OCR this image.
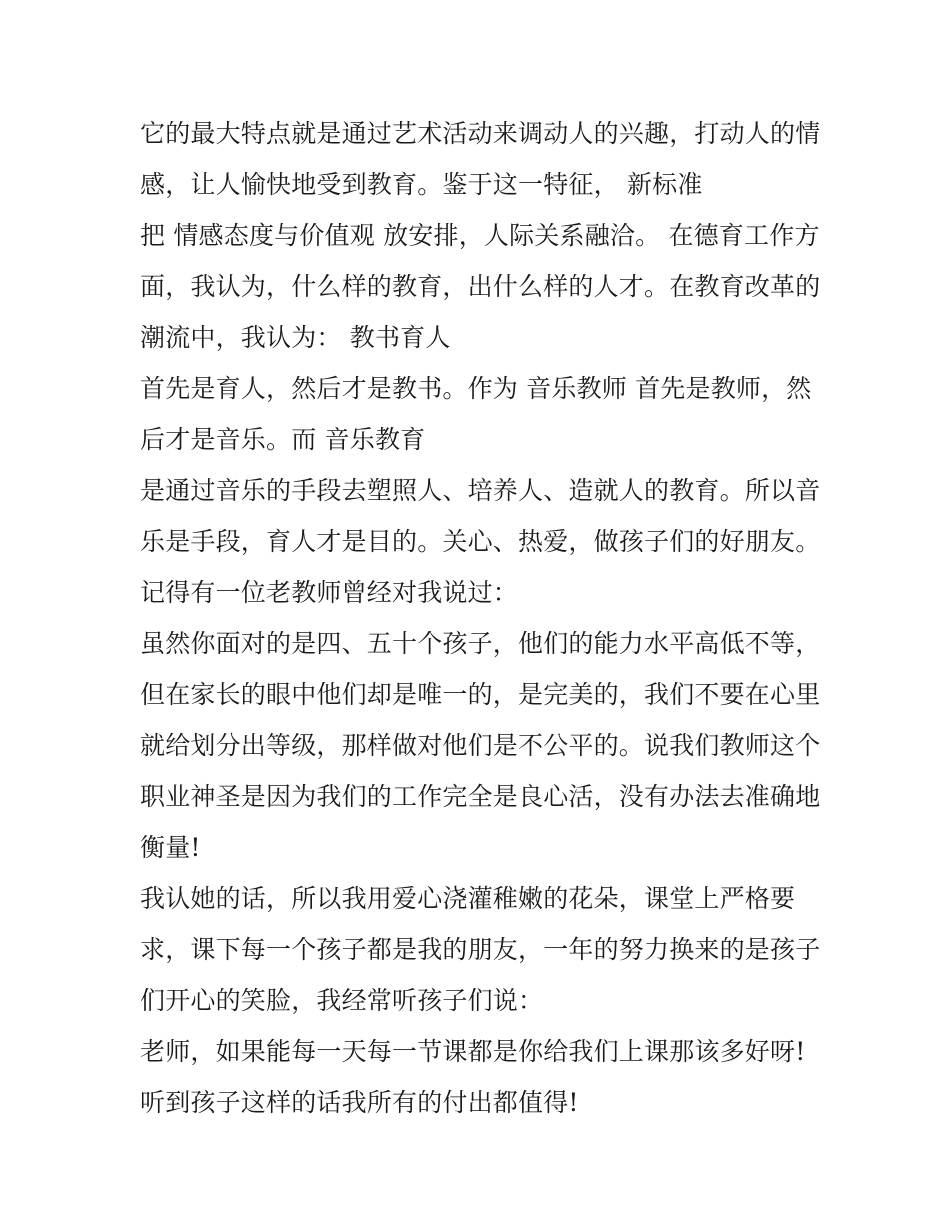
它的最大特点就是通过艺术活动来调动人的兴趣，打动人的情
感，让人愉快地受到教育。鉴于这一特征， 新标准
把 情感态度与价值观 放安排，人际关系融洽。 在德育工作方
面，我认为，什么样的教育，出什么样的人才。在教育改革的
潮流中，我认为： 教书育人
首先是育人，然后才是教书。作为 音乐教师 首先是教师，然
后才是音乐。而 音乐教育
是通过音乐的手段去塑照人、培养人、造就人的教育。所以音
乐是手段，育人才是目的。关心、热爱，做孩子们的好朋友。
记得有一位老教师曾经对我说过：
虽然你面对的是四、五十个孩子，他们的能力水平高低不等，
但在家长的眼中他们却是唯一的，是完美的，我们不要在心里
就给划分出等级，那样做对他们是不公平的。说我们教师这个
职业神圣是因为我们的工作完全是良心活，没有办法去准确地
衡量!
我认她的话，所以我用爱心浇灌稚嫩的花朵，课堂上严格要
求，课下每一个孩子都是我的朋友，一年的努力换来的是孩子
们开心的笑脸，我经常听孩子们说：
老师，如果能每一天每一节课都是你给我们上课那该多好呀!
听到孩子这样的话我所有的付出都值得!
